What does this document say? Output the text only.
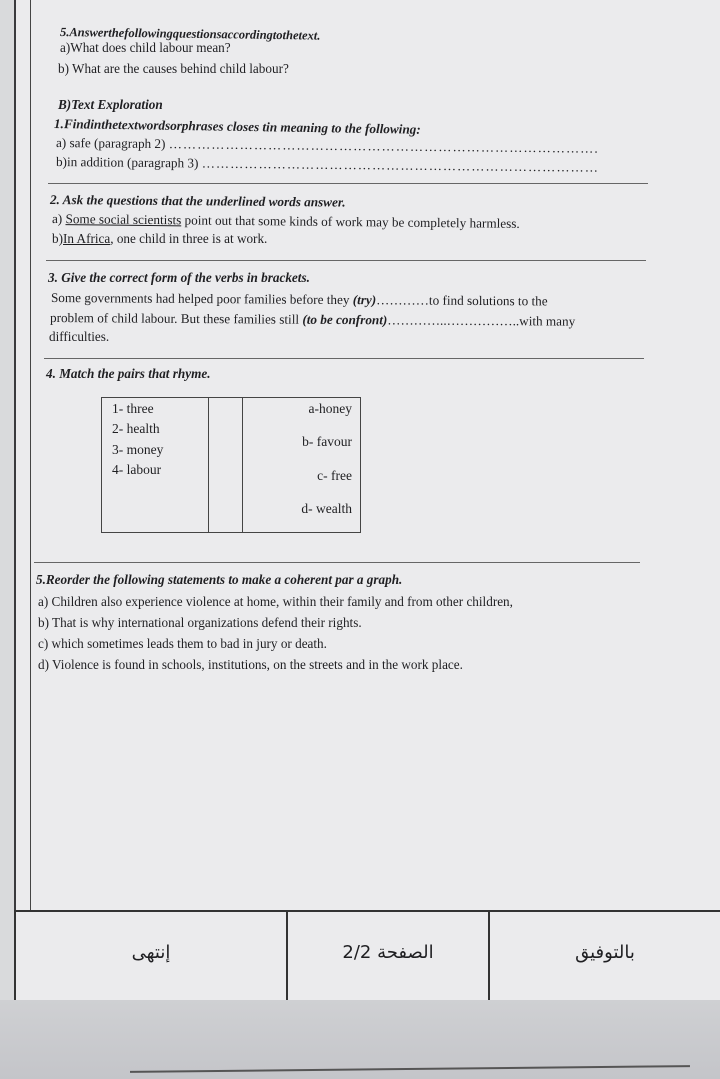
5.Answerthefollowingquestionsaccordingtothetext.
a)What does child labour mean?
b) What are the causes behind child labour?
B)Text Exploration
1.Findinthetextwordsorphrases closes tin meaning to the following:
a) safe (paragraph 2) ……………………………………………………………………………….
b)in addition (paragraph 3) …………………………………………………………………………
2. Ask the questions that the underlined words answer.
a) Some social scientists point out that some kinds of work may be completely harmless.
b)In Africa, one child in three is at work.
3. Give the correct form of the verbs in brackets.
Some governments had helped poor families before they (try)…………to find solutions to the
problem of child labour. But these families still (to be confront)…………..……………..with many
difficulties.
4. Match the pairs that rhyme.
1- three
2- health
3- money
4- labour
a-honey
b- favour
c- free
d- wealth
5.Reorder the following statements to make a coherent par a graph.
a) Children also experience violence at home, within their family and from other children,
b) That is why international organizations defend their rights.
c) which sometimes leads them to bad in jury or death.
d) Violence is found in schools, institutions, on the streets and in the work place.
إنتهى	الصفحة 2/2	بالتوفيق
